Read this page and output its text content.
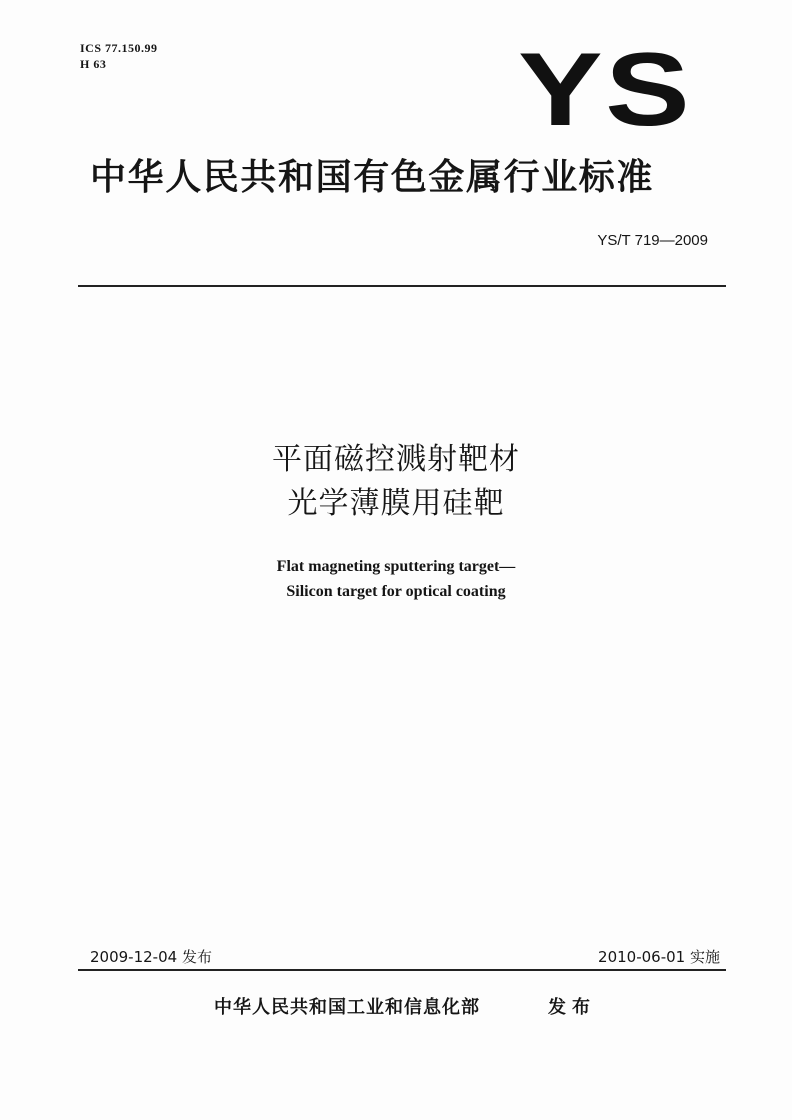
ICS 77.150.99
H 63	YS
中华人民共和国有色金属行业标准
YS/T 719—2009
平面磁控溅射靶材
光学薄膜用硅靶
Flat magneting sputtering target—
Silicon target for optical coating
2009-12-04 发布	2010-06-01 实施
中华人民共和国工业和信息化部	发布
